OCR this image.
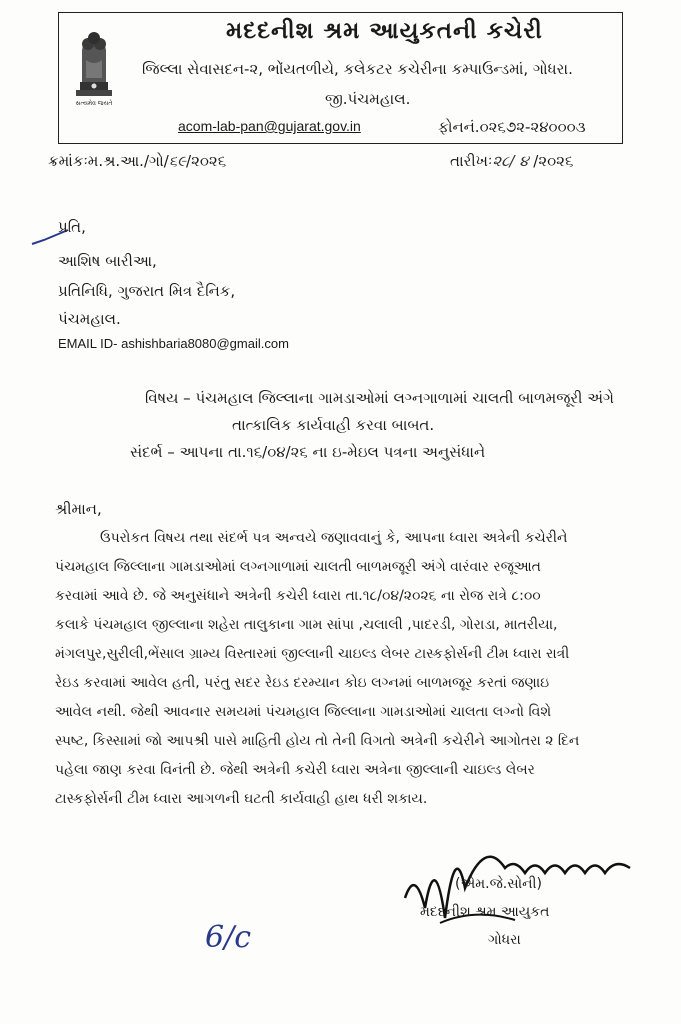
સત્યમેવ જયતે
મદદનીશ શ્રમ આયુકતની કચેરી
જિલ્લા સેવાસદન-૨, ભોંયતળીયે, કલેકટર કચેરીના કમ્પાઉન્ડમાં, ગોધરા.
જી.પંચમહાલ.
acom-lab-pan@gujarat.gov.in	ફોનનં.૦૨૬૭૨-૨૪૦૦૦૩
ક્રમાંકઃમ.શ્ર.આ./ગો/૬૯/૨૦૨૬	તારીખઃ૨૮/ ૪ /૨૦૨૬
પ્રતિ,
આશિષ બારીઆ,
પ્રતિનિધિ, ગુજરાત મિત્ર દૈનિક,
પંચમહાલ.
EMAIL ID- ashishbaria8080@gmail.com
વિષય – પંચમહાલ જિલ્લાના ગામડાઓમાં લગ્નગાળામાં ચાલતી બાળમજૂરી અંગે
તાત્કાલિક કાર્યવાહી કરવા બાબત.
સંદર્ભ – આપના તા.૧૬/૦૪/૨૬ ના ઇ-મેઇલ પત્રના અનુસંધાને
શ્રીમાન,
ઉપરોકત વિષય તથા સંદર્ભ પત્ર અન્વયે જણાવવાનું કે, આપના ધ્વારા અત્રેની કચેરીને
પંચમહાલ જિલ્લાના ગામડાઓમાં લગ્નગાળામાં ચાલતી બાળમજૂરી અંગે વારંવાર રજૂઆત
કરવામાં આવે છે. જે અનુસંધાને અત્રેની કચેરી ધ્વારા તા.૧૮/૦૪/૨૦૨૬ ના રોજ રાત્રે ૮:૦૦
કલાકે પંચમહાલ જીલ્લાના શહેરા તાલુકાના ગામ સાંપા ,ચલાલી ,પાદરડી, ગોરાડા, માતરીયા,
મંગલપુર,સુરીલી,ભેંસાલ ગ્રામ્ય વિસ્તારમાં જીલ્લાની ચાઇલ્ડ લેબર ટાસ્કફોર્સની ટીમ ધ્વારા રાત્રી
રેઇડ કરવામાં આવેલ હતી, પરંતુ સદર રેઇડ દરમ્યાન કોઇ લગ્નમાં બાળમજૂર કરતાં જણાઇ
આવેલ નથી. જેથી આવનાર સમયમાં પંચમહાલ જિલ્લાના ગામડાઓમાં ચાલતા લગ્નો વિશે
સ્પષ્ટ, કિસ્સામાં જો આપશ્રી પાસે માહિતી હોય તો તેની વિગતો અત્રેની કચેરીને આગોતરા ૨ દિન
પહેલા જાણ કરવા વિનંતી છે. જેથી અત્રેની કચેરી ધ્વારા અત્રેના જીલ્લાની ચાઇલ્ડ લેબર
ટાસ્કફોર્સની ટીમ ધ્વારા આગળની ઘટતી કાર્યવાહી હાથ ધરી શકાય.
(એમ.જે.સોની)
મદદનીશ શ્રમ આયુકત
ગોધરા
6/c
